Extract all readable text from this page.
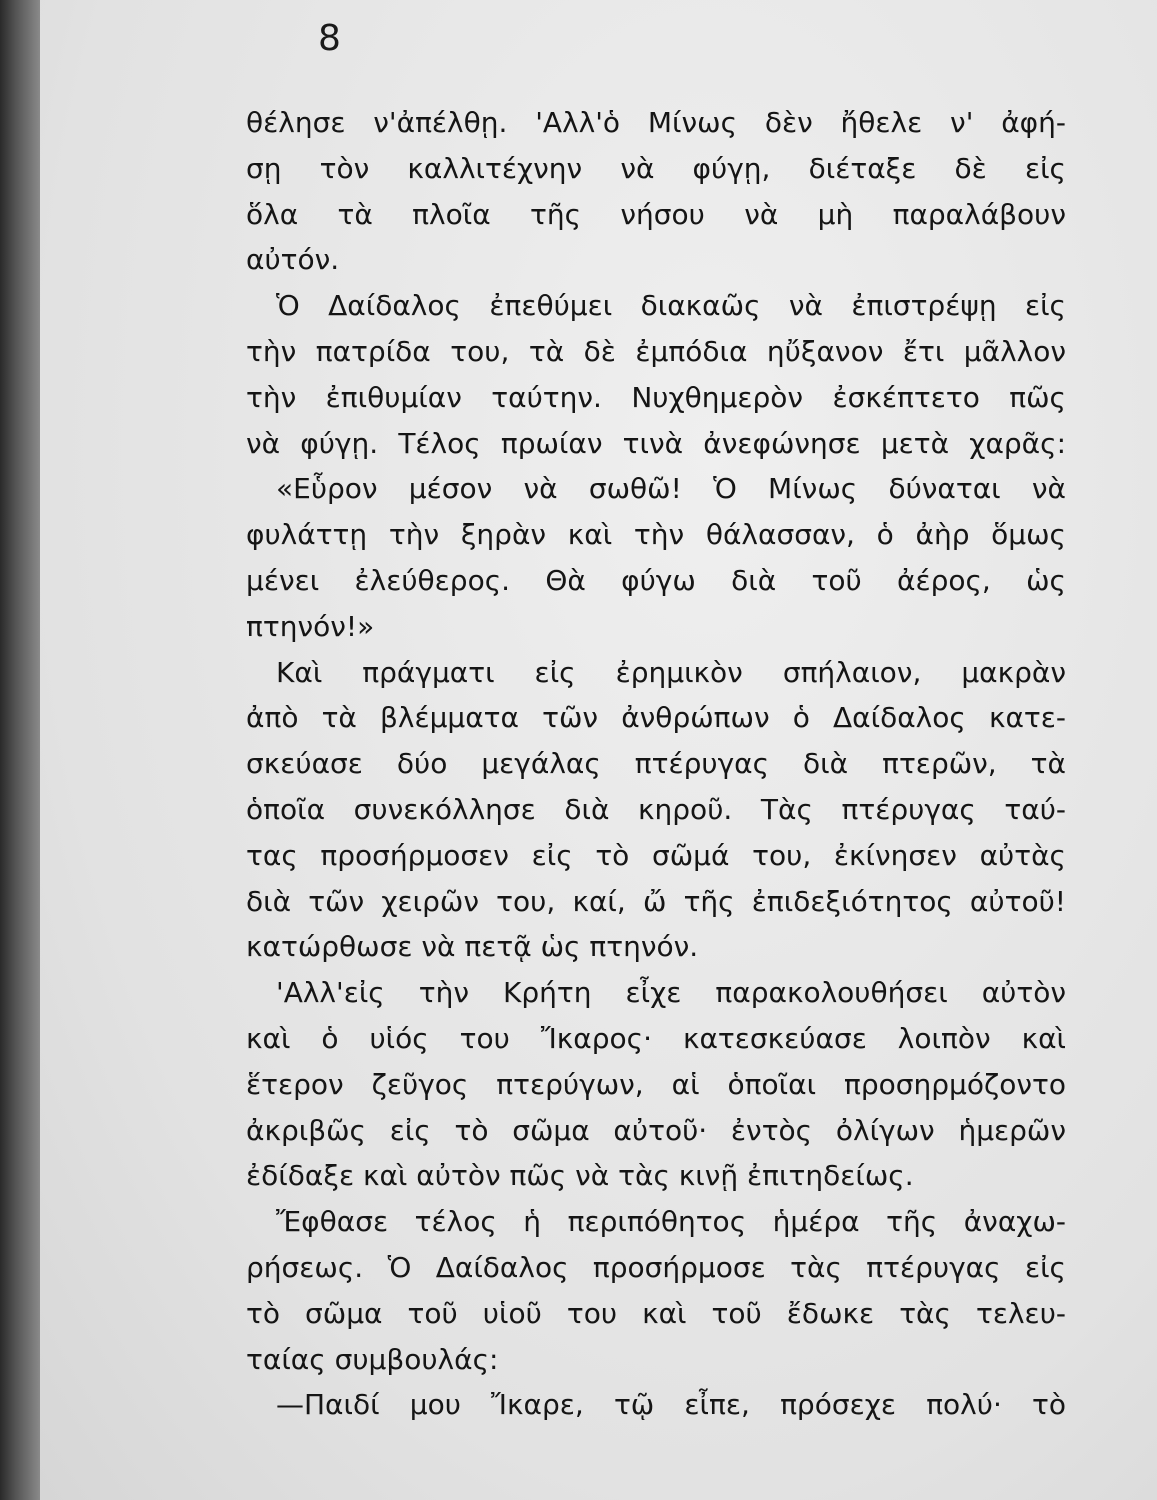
8
θέλησε ν'ἀπέλθῃ. 'Αλλ'ὁ Μίνως δὲν ἤθελε ν' ἀφή-
σῃ τὸν καλλιτέχνην νὰ φύγῃ, διέταξε δὲ εἰς
ὅλα τὰ πλοῖα τῆς νήσου νὰ μὴ παραλάβουν
αὐτόν.
Ὁ Δαίδαλος ἐπεθύμει διακαῶς νὰ ἐπιστρέψῃ εἰς
τὴν πατρίδα του, τὰ δὲ ἐμπόδια ηὔξανον ἔτι μᾶλλον
τὴν ἐπιθυμίαν ταύτην. Νυχθημερὸν ἐσκέπτετο πῶς
νὰ φύγῃ. Τέλος πρωίαν τινὰ ἀνεφώνησε μετὰ χαρᾶς:
«Εὗρον μέσον νὰ σωθῶ! Ὁ Μίνως δύναται νὰ
φυλάττῃ τὴν ξηρὰν καὶ τὴν θάλασσαν, ὁ ἀὴρ ὅμως
μένει ἐλεύθερος. Θὰ φύγω διὰ τοῦ ἀέρος, ὡς
πτηνόν!»
Καὶ πράγματι εἰς ἐρημικὸν σπήλαιον, μακρὰν
ἀπὸ τὰ βλέμματα τῶν ἀνθρώπων ὁ Δαίδαλος κατε-
σκεύασε δύο μεγάλας πτέρυγας διὰ πτερῶν, τὰ
ὁποῖα συνεκόλλησε διὰ κηροῦ. Τὰς πτέρυγας ταύ-
τας προσήρμοσεν εἰς τὸ σῶμά του, ἐκίνησεν αὐτὰς
διὰ τῶν χειρῶν του, καί, ὤ τῆς ἐπιδεξιότητος αὐτοῦ!
κατώρθωσε νὰ πετᾷ ὡς πτηνόν.
'Αλλ'εἰς τὴν Κρήτη εἶχε παρακολουθήσει αὐτὸν
καὶ ὁ υἱός του Ἴκαρος· κατεσκεύασε λοιπὸν καὶ
ἕτερον ζεῦγος πτερύγων, αἱ ὁποῖαι προσηρμόζοντο
ἀκριβῶς εἰς τὸ σῶμα αὐτοῦ· ἐντὸς ὀλίγων ἡμερῶν
ἐδίδαξε καὶ αὐτὸν πῶς νὰ τὰς κινῇ ἐπιτηδείως.
Ἔφθασε τέλος ἡ περιπόθητος ἡμέρα τῆς ἀναχω-
ρήσεως. Ὁ Δαίδαλος προσήρμοσε τὰς πτέρυγας εἰς
τὸ σῶμα τοῦ υἱοῦ του καὶ τοῦ ἔδωκε τὰς τελευ-
ταίας συμβουλάς:
—Παιδί μου Ἴκαρε, τῷ εἶπε, πρόσεχε πολύ· τὸ
